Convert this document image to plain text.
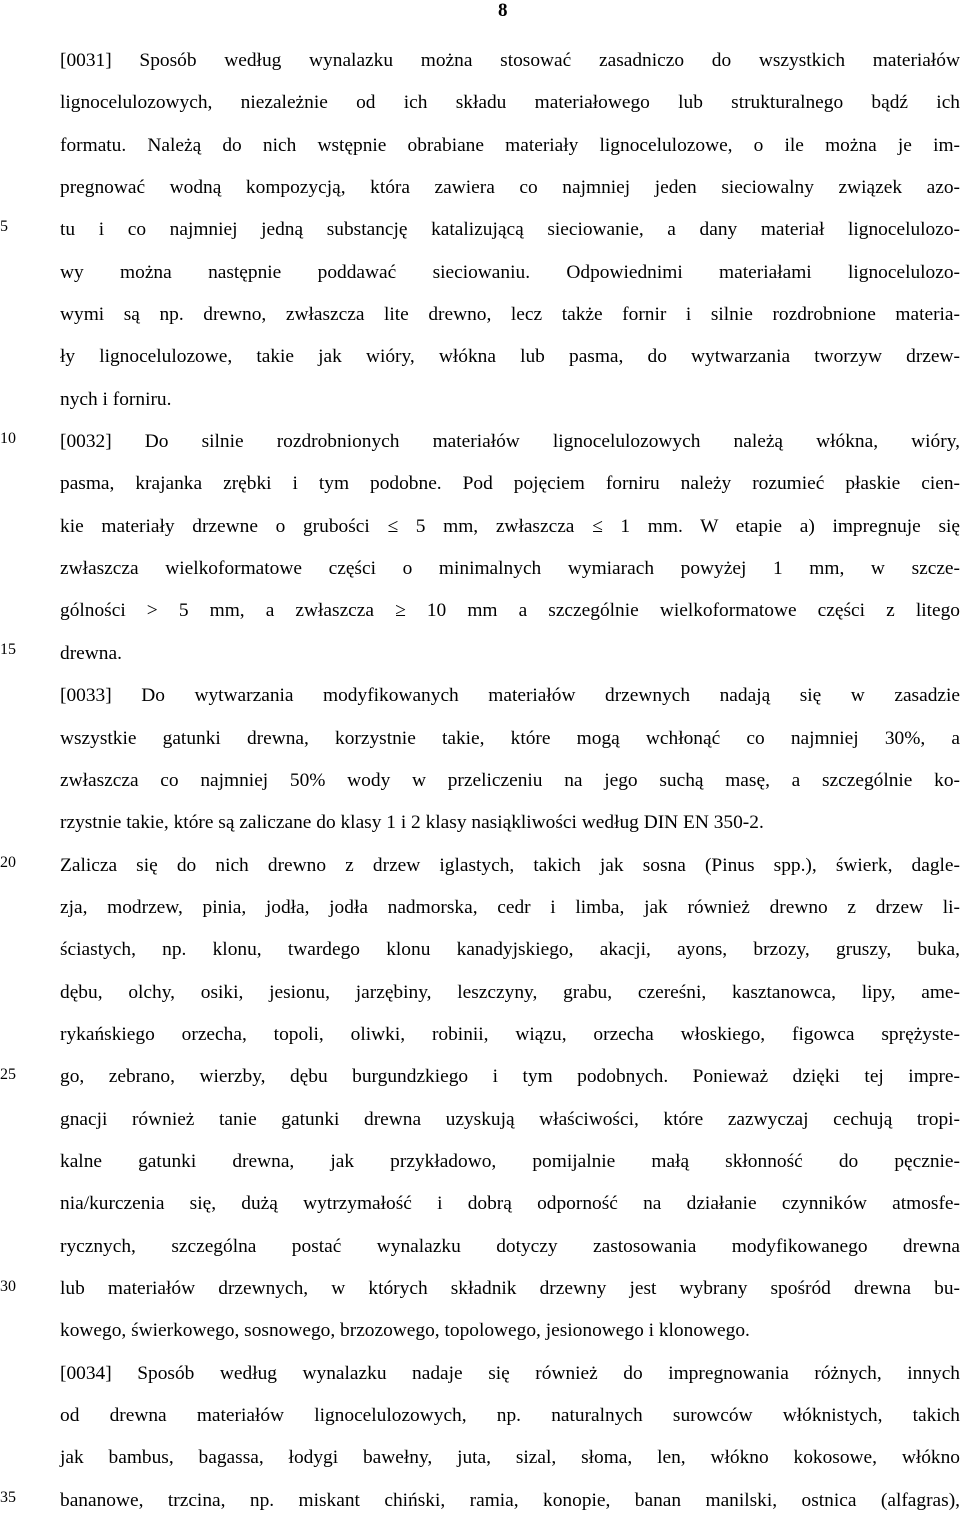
8
5
10
15
20
25
30
35
[0031] Sposób według wynalazku można stosować zasadniczo do wszystkich materiałów
lignocelulozowych, niezależnie od ich składu materiałowego lub strukturalnego bądź ich
formatu. Należą do nich wstępnie obrabiane materiały lignocelulozowe, o ile można je im-
pregnować wodną kompozycją, która zawiera co najmniej jeden sieciowalny związek azo-
tu i co najmniej jedną substancję katalizującą sieciowanie, a dany materiał lignocelulozo-
wy można następnie poddawać sieciowaniu. Odpowiednimi materiałami lignocelulozo-
wymi są np. drewno, zwłaszcza lite drewno, lecz także fornir i silnie rozdrobnione materia-
ły lignocelulozowe, takie jak wióry, włókna lub pasma, do wytwarzania tworzyw drzew-
nych i forniru.
[0032] Do silnie rozdrobnionych materiałów lignocelulozowych należą włókna, wióry,
pasma, krajanka zrębki i tym podobne. Pod pojęciem forniru należy rozumieć płaskie cien-
kie materiały drzewne o grubości ≤ 5 mm, zwłaszcza ≤ 1 mm. W etapie a) impregnuje się
zwłaszcza wielkoformatowe części o minimalnych wymiarach powyżej 1 mm, w szcze-
gólności > 5 mm, a zwłaszcza ≥ 10 mm a szczególnie wielkoformatowe części z litego
drewna.
[0033] Do wytwarzania modyfikowanych materiałów drzewnych nadają się w zasadzie
wszystkie gatunki drewna, korzystnie takie, które mogą wchłonąć co najmniej 30%, a
zwłaszcza co najmniej 50% wody w przeliczeniu na jego suchą masę, a szczególnie ko-
rzystnie takie, które są zaliczane do klasy 1 i 2 klasy nasiąkliwości według DIN EN 350-2.
Zalicza się do nich drewno z drzew iglastych, takich jak sosna (Pinus spp.), świerk, dagle-
zja, modrzew, pinia, jodła, jodła nadmorska, cedr i limba, jak również drewno z drzew li-
ściastych, np. klonu, twardego klonu kanadyjskiego, akacji, ayons, brzozy, gruszy, buka,
dębu, olchy, osiki, jesionu, jarzębiny, leszczyny, grabu, czereśni, kasztanowca, lipy, ame-
rykańskiego orzecha, topoli, oliwki, robinii, wiązu, orzecha włoskiego, figowca sprężyste-
go, zebrano, wierzby, dębu burgundzkiego i tym podobnych. Ponieważ dzięki tej impre-
gnacji również tanie gatunki drewna uzyskują właściwości, które zazwyczaj cechują tropi-
kalne gatunki drewna, jak przykładowo, pomijalnie małą skłonność do pęcznie-
nia/kurczenia się, dużą wytrzymałość i dobrą odporność na działanie czynników atmosfe-
rycznych, szczególna postać wynalazku dotyczy zastosowania modyfikowanego drewna
lub materiałów drzewnych, w których składnik drzewny jest wybrany spośród drewna bu-
kowego, świerkowego, sosnowego, brzozowego, topolowego, jesionowego i klonowego.
[0034] Sposób według wynalazku nadaje się również do impregnowania różnych, innych
od drewna materiałów lignocelulozowych, np. naturalnych surowców włóknistych, takich
jak bambus, bagassa, łodygi bawełny, juta, sizal, słoma, len, włókno kokosowe, włókno
bananowe, trzcina, np. miskant chiński, ramia, konopie, banan manilski, ostnica (alfagras),
